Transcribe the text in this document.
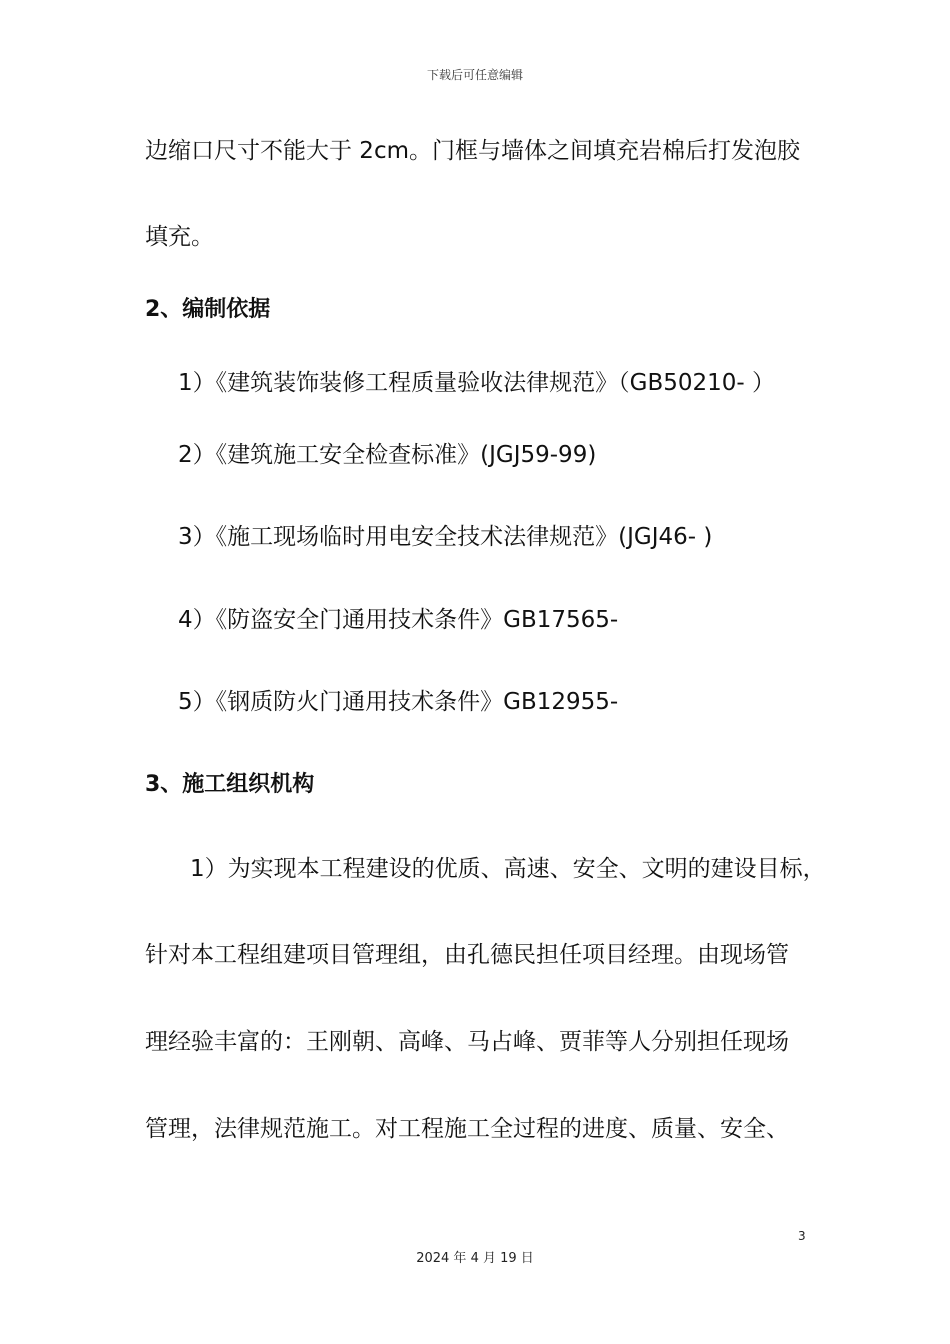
下载后可任意编辑
边缩口尺寸不能大于 2cm。门框与墙体之间填充岩棉后打发泡胶
填充。
2、编制依据
1）《建筑装饰装修工程质量验收法律规范》（GB50210- ）
2）《建筑施工安全检查标准》(JGJ59-99)
3）《施工现场临时用电安全技术法律规范》(JGJ46- )
4）《防盗安全门通用技术条件》GB17565-
5）《钢质防火门通用技术条件》GB12955-
3、施工组织机构
1）为实现本工程建设的优质、高速、安全、文明的建设目标，
针对本工程组建项目管理组，由孔德民担任项目经理。由现场管
理经验丰富的：王刚朝、高峰、马占峰、贾菲等人分别担任现场
管理，法律规范施工。对工程施工全过程的进度、质量、安全、
3
2024 年 4 月 19 日
